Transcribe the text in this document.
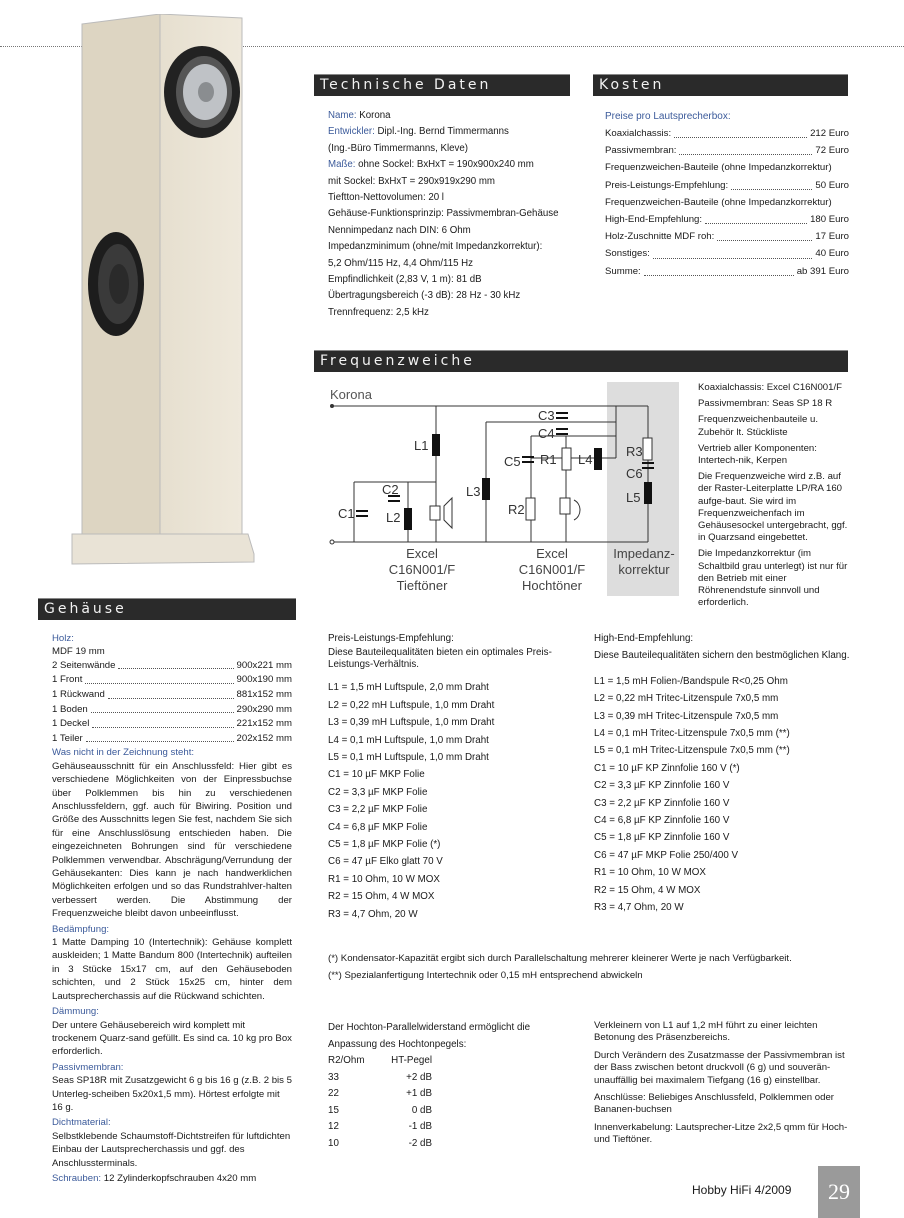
Technische Daten
Name: Korona
Entwickler: Dipl.-Ing. Bernd Timmermanns
(Ing.-Büro Timmermanns, Kleve)
Maße: ohne Sockel: BxHxT = 190x900x240 mm
mit Sockel: BxHxT = 290x919x290 mm
Tieftton-Nettovolumen: 20 l
Gehäuse-Funktionsprinzip: Passivmembran-Gehäuse
Nennimpedanz nach DIN: 6 Ohm
Impedanzminimum (ohne/mit Impedanzkorrektur):
5,2 Ohm/115 Hz, 4,4 Ohm/115 Hz
Empfindlichkeit (2,83 V, 1 m): 81 dB
Übertragungsbereich (-3 dB): 28 Hz - 30 kHz
Trennfrequenz: 2,5 kHz
Kosten
Preise pro Lautsprecherbox:
Koaxialchassis:	212 Euro
Passivmembran:	72 Euro
Frequenzweichen-Bauteile (ohne Impedanzkorrektur)
Preis-Leistungs-Empfehlung:	50 Euro
Frequenzweichen-Bauteile (ohne Impedanzkorrektur)
High-End-Empfehlung:	180 Euro
Holz-Zuschnitte MDF roh:	17 Euro
Sonstiges:	40 Euro
Summe:	ab 391 Euro
Frequenzweiche
Korona
C1
C2
C3
C4
C5
L1
L2
L3
L4
L5
R1
R2
R3
C6
Excel
C16N001/F
Tieftöner
Excel
C16N001/F
Hochtöner
Impedanz-
korrektur
Koaxialchassis: Excel C16N001/F
Passivmembran: Seas SP 18 R
Frequenzweichenbauteile u. Zubehör lt. Stückliste
Vertrieb aller Komponenten: Intertech-nik, Kerpen
Die Frequenzweiche wird z.B. auf der Raster-Leiterplatte LP/RA 160 aufge-baut. Sie wird im Frequenzweichenfach im Gehäusesockel untergebracht, ggf. in Quarzsand eingebettet.
Die Impedanzkorrektur (im Schaltbild grau unterlegt) ist nur für den Betrieb mit einer Röhrenendstufe sinnvoll und erforderlich.
Preis-Leistungs-Empfehlung:
Diese Bauteilequalitäten bieten ein optimales Preis-Leistungs-Verhältnis.
L1 = 1,5 mH Luftspule, 2,0 mm Draht
L2 = 0,22 mH Luftspule, 1,0 mm Draht
L3 = 0,39 mH Luftspule, 1,0 mm Draht
L4 = 0,1 mH Luftspule, 1,0 mm Draht
L5 = 0,1 mH Luftspule, 1,0 mm Draht
C1 = 10 µF MKP Folie
C2 = 3,3 µF MKP Folie
C3 = 2,2 µF MKP Folie
C4 = 6,8 µF MKP Folie
C5 = 1,8 µF MKP Folie (*)
C6 = 47 µF Elko glatt 70 V
R1 = 10 Ohm, 10 W MOX
R2 = 15 Ohm, 4 W MOX
R3 = 4,7 Ohm, 20 W
High-End-Empfehlung:
Diese Bauteilequalitäten sichern den bestmöglichen Klang.
L1 = 1,5 mH Folien-/Bandspule R<0,25 Ohm
L2 = 0,22 mH Tritec-Litzenspule 7x0,5 mm
L3 = 0,39 mH Tritec-Litzenspule 7x0,5 mm
L4 = 0,1 mH Tritec-Litzenspule 7x0,5 mm (**)
L5 = 0,1 mH Tritec-Litzenspule 7x0,5 mm (**)
C1 = 10 µF KP Zinnfolie 160 V (*)
C2 = 3,3 µF KP Zinnfolie 160 V
C3 = 2,2 µF KP Zinnfolie 160 V
C4 = 6,8 µF KP Zinnfolie 160 V
C5 = 1,8 µF KP Zinnfolie 160 V
C6 = 47 µF MKP Folie 250/400 V
R1 = 10 Ohm, 10 W MOX
R2 = 15 Ohm, 4 W MOX
R3 = 4,7 Ohm, 20 W
(*) Kondensator-Kapazität ergibt sich durch Parallelschaltung mehrerer kleinerer Werte je nach Verfügbarkeit.
(**) Spezialanfertigung Intertechnik oder 0,15 mH entsprechend abwickeln
Der Hochton-Parallelwiderstand ermöglicht die Anpassung des Hochtonpegels:
R2/Ohm	HT-Pegel
33	+2 dB
22	+1 dB
15	0 dB
12	-1 dB
10	-2 dB
Verkleinern von L1 auf 1,2 mH führt zu einer leichten Betonung des Präsenzbereichs.
Durch Verändern des Zusatzmasse der Passivmembran ist der Bass zwischen betont druckvoll (6 g) und souverän-unauffällig bei maximalem Tiefgang (16 g) einstellbar.
Anschlüsse: Beliebiges Anschlussfeld, Polklemmen oder Bananen-buchsen
Innenverkabelung: Lautsprecher-Litze 2x2,5 qmm für Hoch- und Tieftöner.
Gehäuse
Holz:
MDF 19 mm
2 Seitenwände	900x221 mm
1 Front	900x190 mm
1 Rückwand	881x152 mm
1 Boden	290x290 mm
1 Deckel	221x152 mm
1 Teiler	202x152 mm
Was nicht in der Zeichnung steht:
Gehäuseausschnitt für ein Anschlussfeld: Hier gibt es verschiedene Möglichkeiten von der Einpressbuchse über Polklemmen bis hin zu verschiedenen Anschlussfeldern, ggf. auch für Biwiring. Position und Größe des Ausschnitts legen Sie fest, nachdem Sie sich für eine Anschlusslösung entschieden haben. Die eingezeichneten Bohrungen sind für verschiedene Polklemmen verwendbar. Abschrägung/Verrundung der Gehäusekanten: Dies kann je nach handwerklichen Möglichkeiten erfolgen und so das Rundstrahlver-halten verbessert werden. Die Abstimmung der Frequenzweiche bleibt davon unbeeinflusst.
Bedämpfung:
1 Matte Damping 10 (Intertechnik): Gehäuse komplett auskleiden; 1 Matte Bandum 800 (Intertechnik) aufteilen in 3 Stücke 15x17 cm, auf den Gehäuseboden schichten, und 2 Stück 15x25 cm, hinter dem Lautsprecherchassis auf die Rückwand schichten.
Dämmung:
Der untere Gehäusebereich wird komplett mit trockenem Quarz-sand gefüllt. Es sind ca. 10 kg pro Box erforderlich.
Passivmembran:
Seas SP18R mit Zusatzgewicht 6 g bis 16 g (z.B. 2 bis 5 Unterleg-scheiben 5x20x1,5 mm). Hörtest erfolgte mit 16 g.
Dichtmaterial:
Selbstklebende Schaumstoff-Dichtstreifen für luftdichten Einbau der Lautsprecherchassis und ggf. des Anschlussterminals.
Schrauben: 12 Zylinderkopfschrauben 4x20 mm
Hobby HiFi 4/2009	29
